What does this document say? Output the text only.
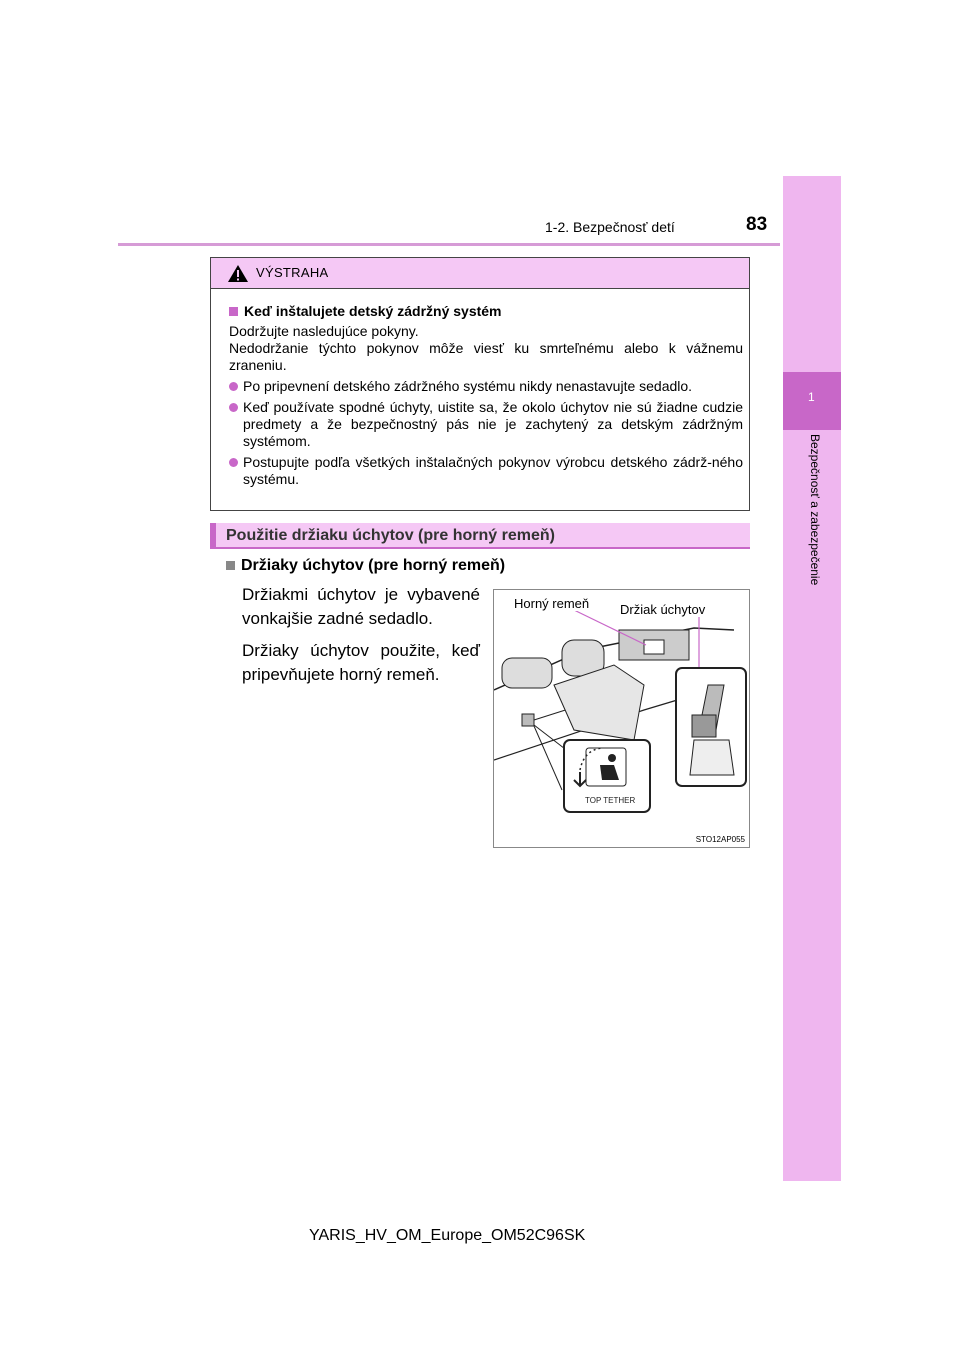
1-2. Bezpečnosť detí	83
1
Bezpečnosť a zabezpečenie
VÝSTRAHA
Keď inštalujete detský zádržný systém
Dodržujte nasledujúce pokyny.
Nedodržanie týchto pokynov môže viesť ku smrteľnému alebo k vážnemu zraneniu.
Po pripevnení detského zádržného systému nikdy nenastavujte sedadlo.
Keď používate spodné úchyty, uistite sa, že okolo úchytov nie sú žiadne cudzie predmety a že bezpečnostný pás nie je zachytený za detským zádržným systémom.
Postupujte podľa všetkých inštalačných pokynov výrobcu detského zádrž-ného systému.
Použitie držiaku úchytov (pre horný remeň)
Držiaky úchytov (pre horný remeň)

Držiakmi úchytov je vybavené vonkajšie zadné sedadlo.

Držiaky úchytov použite, keď pripevňujete horný remeň.

TOP TETHER
Horný remeň Držiak úchytov
STO12AP055
YARIS_HV_OM_Europe_OM52C96SK
